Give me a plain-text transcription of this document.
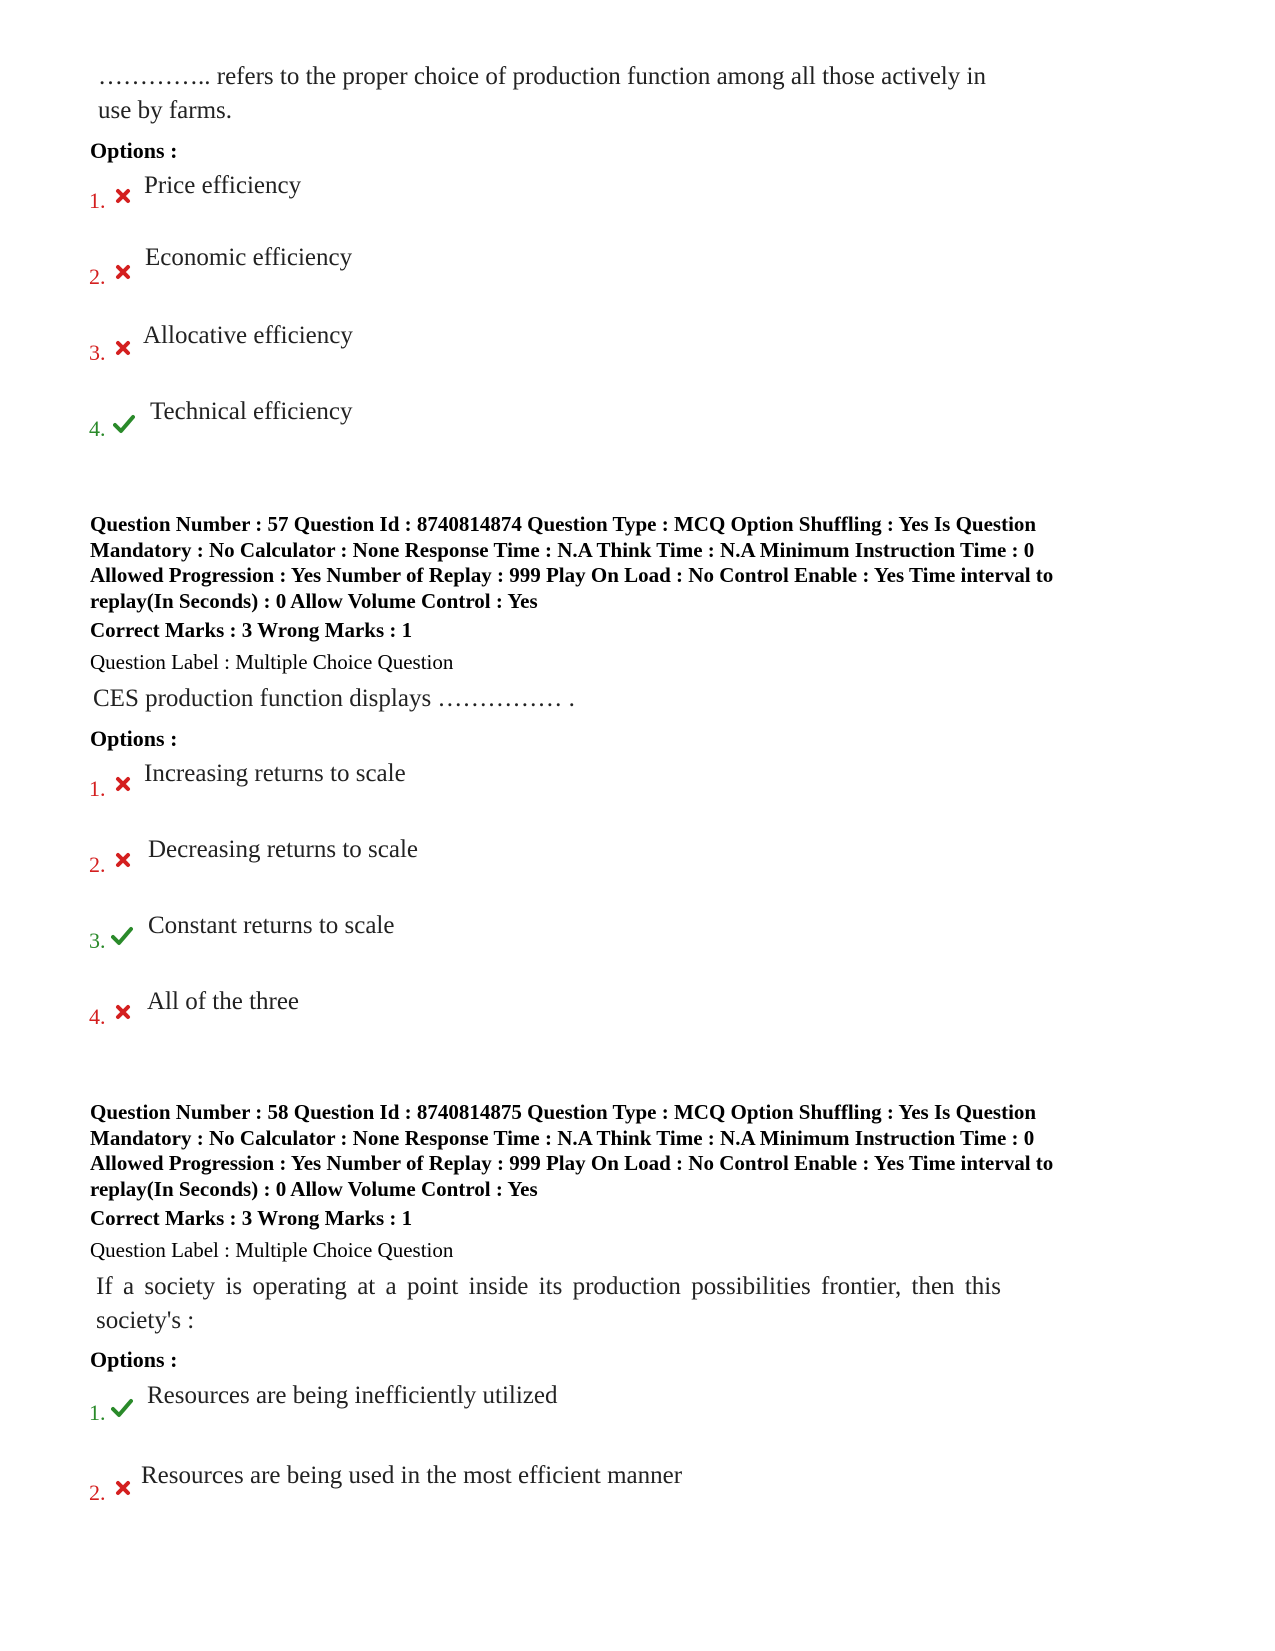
………….. refers to the proper choice of production function among all those actively in
use by farms.
Options :
1.
Price efficiency
2.
Economic efficiency
3.
Allocative efficiency
4.
Technical efficiency
Question Number : 57 Question Id : 8740814874 Question Type : MCQ Option Shuffling : Yes Is Question
Mandatory : No Calculator : None Response Time : N.A Think Time : N.A Minimum Instruction Time : 0
Allowed Progression : Yes Number of Replay : 999 Play On Load : No Control Enable : Yes Time interval to
replay(In Seconds) : 0 Allow Volume Control : Yes
Correct Marks : 3 Wrong Marks : 1
Question Label : Multiple Choice Question
CES production function displays …………… .
Options :
1.
Increasing returns to scale
2.
Decreasing returns to scale
3.
Constant returns to scale
4.
All of the three
Question Number : 58 Question Id : 8740814875 Question Type : MCQ Option Shuffling : Yes Is Question
Mandatory : No Calculator : None Response Time : N.A Think Time : N.A Minimum Instruction Time : 0
Allowed Progression : Yes Number of Replay : 999 Play On Load : No Control Enable : Yes Time interval to
replay(In Seconds) : 0 Allow Volume Control : Yes
Correct Marks : 3 Wrong Marks : 1
Question Label : Multiple Choice Question
If a society is operating at a point inside its production possibilities frontier, then this
society's :
Options :
1.
Resources are being inefficiently utilized
2.
Resources are being used in the most efficient manner
